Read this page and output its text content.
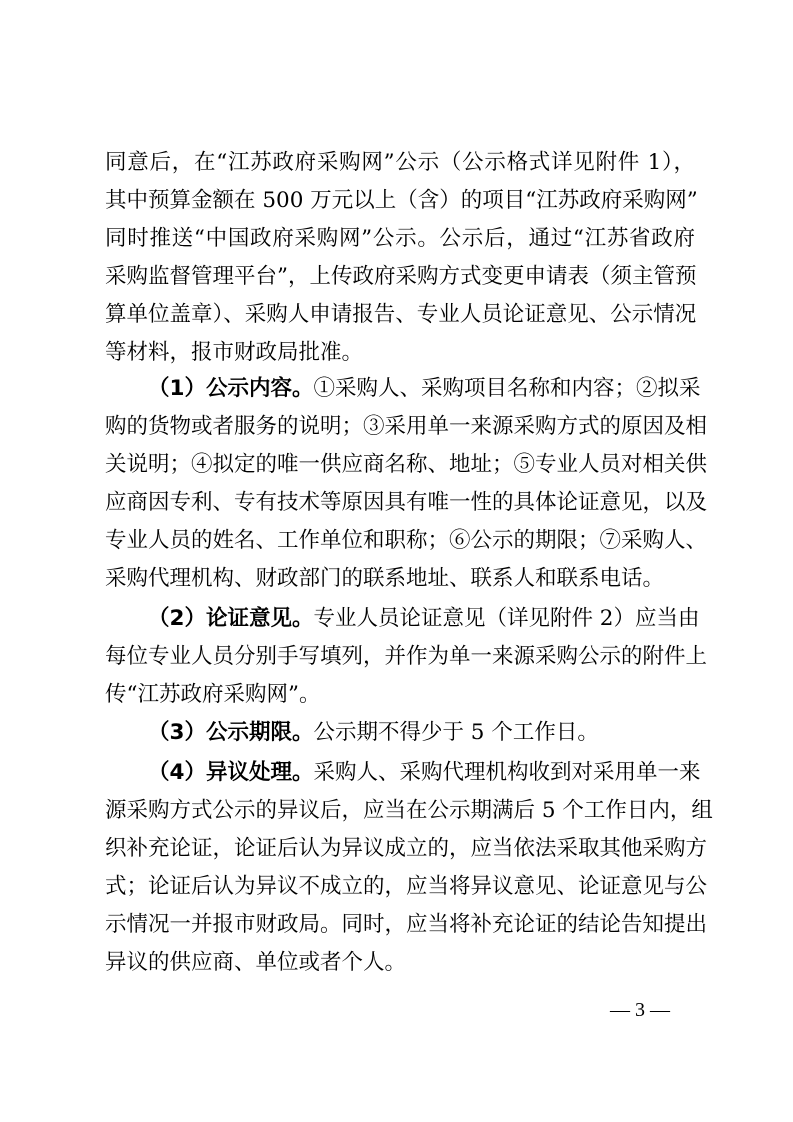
同意后，在“江苏政府采购网”公示（公示格式详见附件 1），
其中预算金额在 500 万元以上（含）的项目“江苏政府采购网”
同时推送“中国政府采购网”公示。公示后，通过“江苏省政府
采购监督管理平台”，上传政府采购方式变更申请表（须主管预
算单位盖章）、采购人申请报告、专业人员论证意见、公示情况
等材料，报市财政局批准。
（1）公示内容。①采购人、采购项目名称和内容；②拟采
购的货物或者服务的说明；③采用单一来源采购方式的原因及相
关说明；④拟定的唯一供应商名称、地址；⑤专业人员对相关供
应商因专利、专有技术等原因具有唯一性的具体论证意见，以及
专业人员的姓名、工作单位和职称；⑥公示的期限；⑦采购人、
采购代理机构、财政部门的联系地址、联系人和联系电话。
（2）论证意见。专业人员论证意见（详见附件 2）应当由
每位专业人员分别手写填列，并作为单一来源采购公示的附件上
传“江苏政府采购网”。
（3）公示期限。公示期不得少于 5 个工作日。
（4）异议处理。采购人、采购代理机构收到对采用单一来
源采购方式公示的异议后，应当在公示期满后 5 个工作日内，组
织补充论证，论证后认为异议成立的，应当依法采取其他采购方
式；论证后认为异议不成立的，应当将异议意见、论证意见与公
示情况一并报市财政局。同时，应当将补充论证的结论告知提出
异议的供应商、单位或者个人。
— 3 —
